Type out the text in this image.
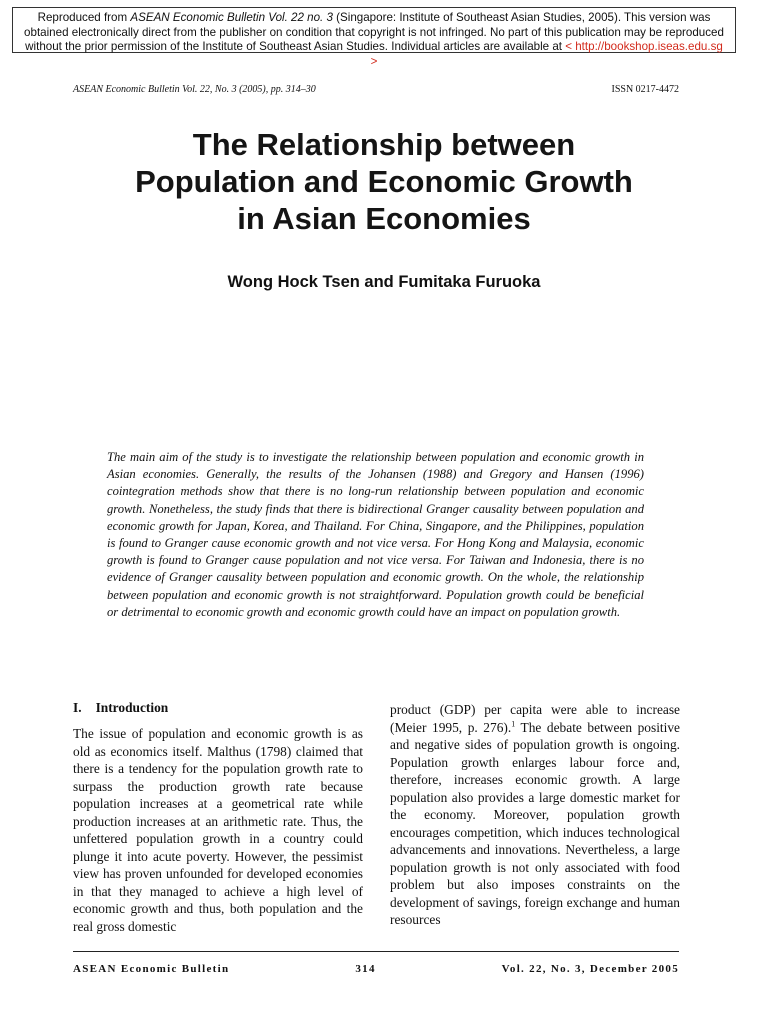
Reproduced from ASEAN Economic Bulletin Vol. 22 no. 3 (Singapore: Institute of Southeast Asian Studies, 2005). This version was obtained electronically direct from the publisher on condition that copyright is not infringed. No part of this publication may be reproduced without the prior permission of the Institute of Southeast Asian Studies. Individual articles are available at < http://bookshop.iseas.edu.sg >
ASEAN Economic Bulletin Vol. 22, No. 3 (2005), pp. 314–30	ISSN 0217-4472
The Relationship between
Population and Economic Growth
in Asian Economies
Wong Hock Tsen and Fumitaka Furuoka

The main aim of the study is to investigate the relationship between population and economic growth in Asian economies. Generally, the results of the Johansen (1988) and Gregory and Hansen (1996) cointegration methods show that there is no long-run relationship between population and economic growth. Nonetheless, the study finds that there is bidirectional Granger causality between population and economic growth for Japan, Korea, and Thailand. For China, Singapore, and the Philippines, population is found to Granger cause economic growth and not vice versa. For Hong Kong and Malaysia, economic growth is found to Granger cause population and not vice versa. For Taiwan and Indonesia, there is no evidence of Granger causality between population and economic growth. On the whole, the relationship between population and economic growth is not straightforward. Population growth could be beneficial or detrimental to economic growth and economic growth could have an impact on population growth.

I. Introduction

The issue of population and economic growth is as old as economics itself. Malthus (1798) claimed that there is a tendency for the population growth rate to surpass the production growth rate because population increases at a geometrical rate while production increases at an arithmetic rate. Thus, the unfettered population growth in a country could plunge it into acute poverty. However, the pessimist view has proven unfounded for developed economies in that they managed to achieve a high level of economic growth and thus, both population and the real gross domestic

product (GDP) per capita were able to increase (Meier 1995, p. 276).$^1$ The debate between positive and negative sides of population growth is ongoing. Population growth enlarges labour force and, therefore, increases economic growth. A large population also provides a large domestic market for the economy. Moreover, population growth encourages competition, which induces technological advancements and innovations. Nevertheless, a large population growth is not only associated with food problem but also imposes constraints on the development of savings, foreign exchange and human resources

ASEAN Economic Bulletin	314	Vol. 22, No. 3, December 2005
